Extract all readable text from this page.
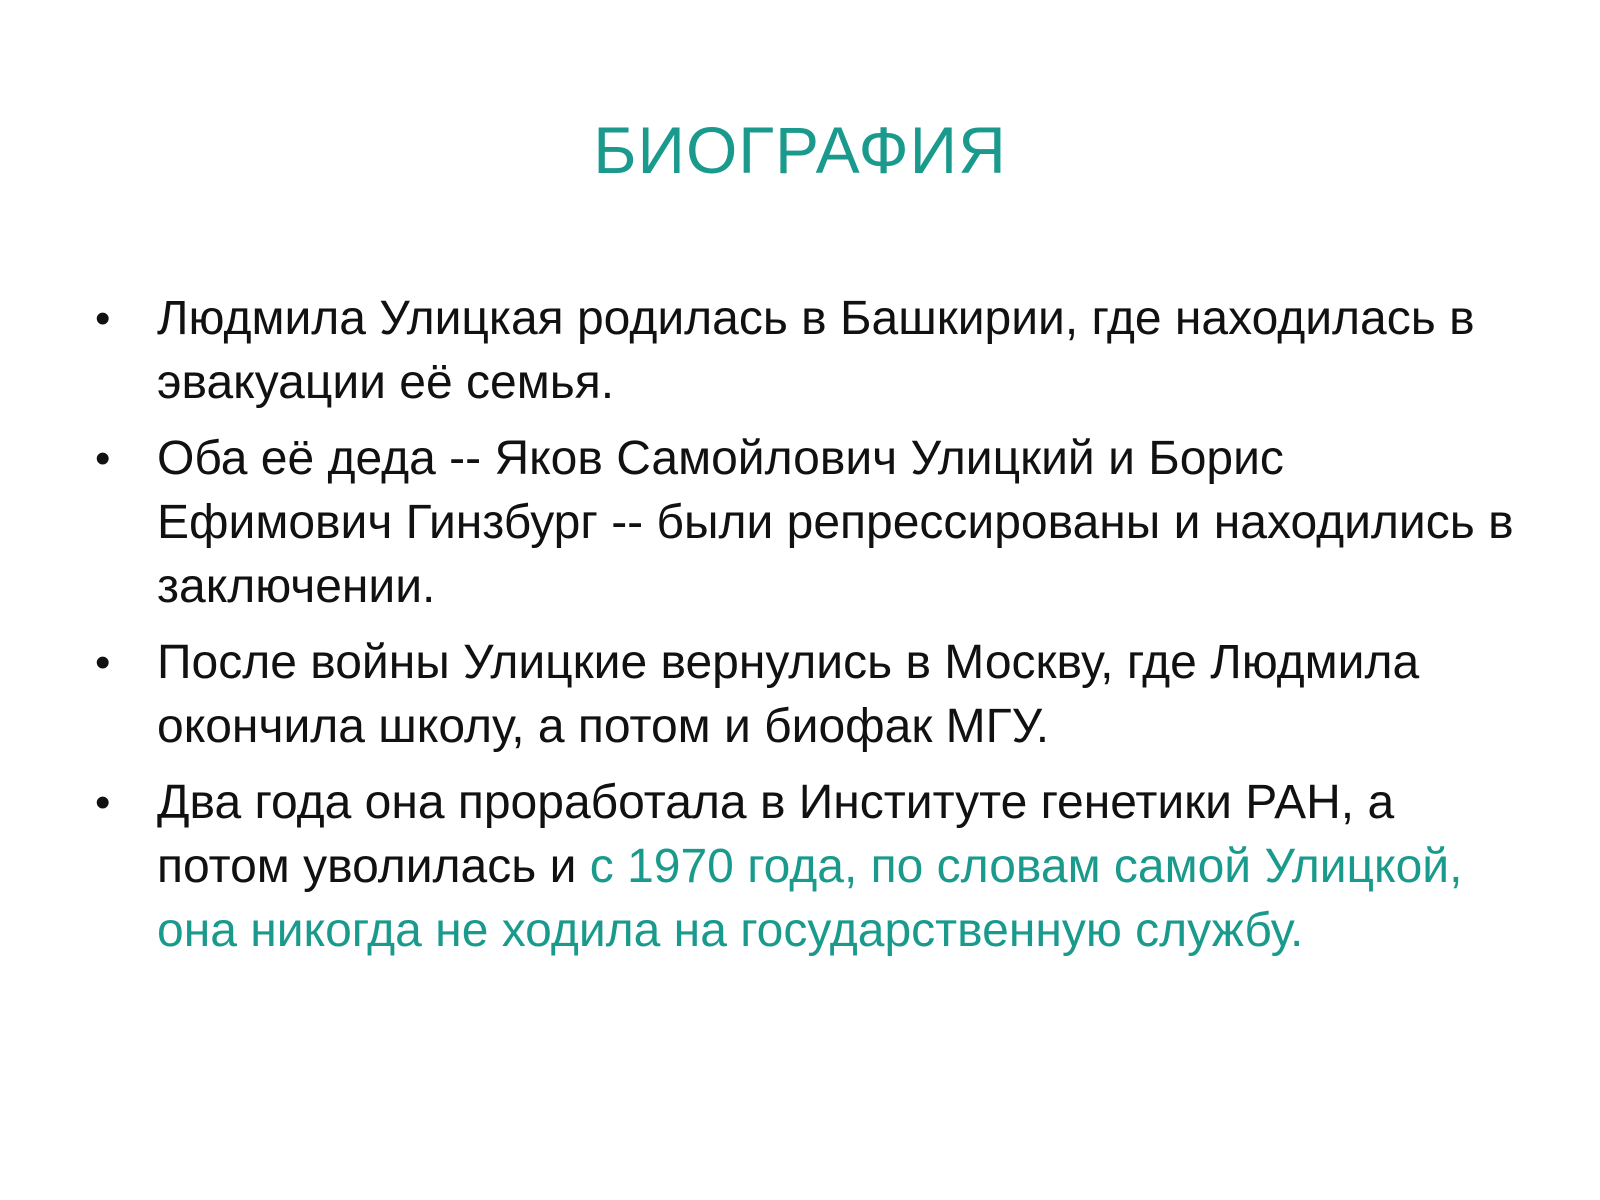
БИОГРАФИЯ
• Людмила Улицкая родилась в Башкирии, где находилась в эвакуации её семья.
• Оба её деда -- Яков Самойлович Улицкий и Борис Ефимович Гинзбург -- были репрессированы и находились в заключении.
• После войны Улицкие вернулись в Москву, где Людмила окончила школу, а потом и биофак МГУ.
• Два года она проработала в Институте генетики РАН, а потом уволилась и с 1970 года, по словам самой Улицкой, она никогда не ходила на государственную службу.
